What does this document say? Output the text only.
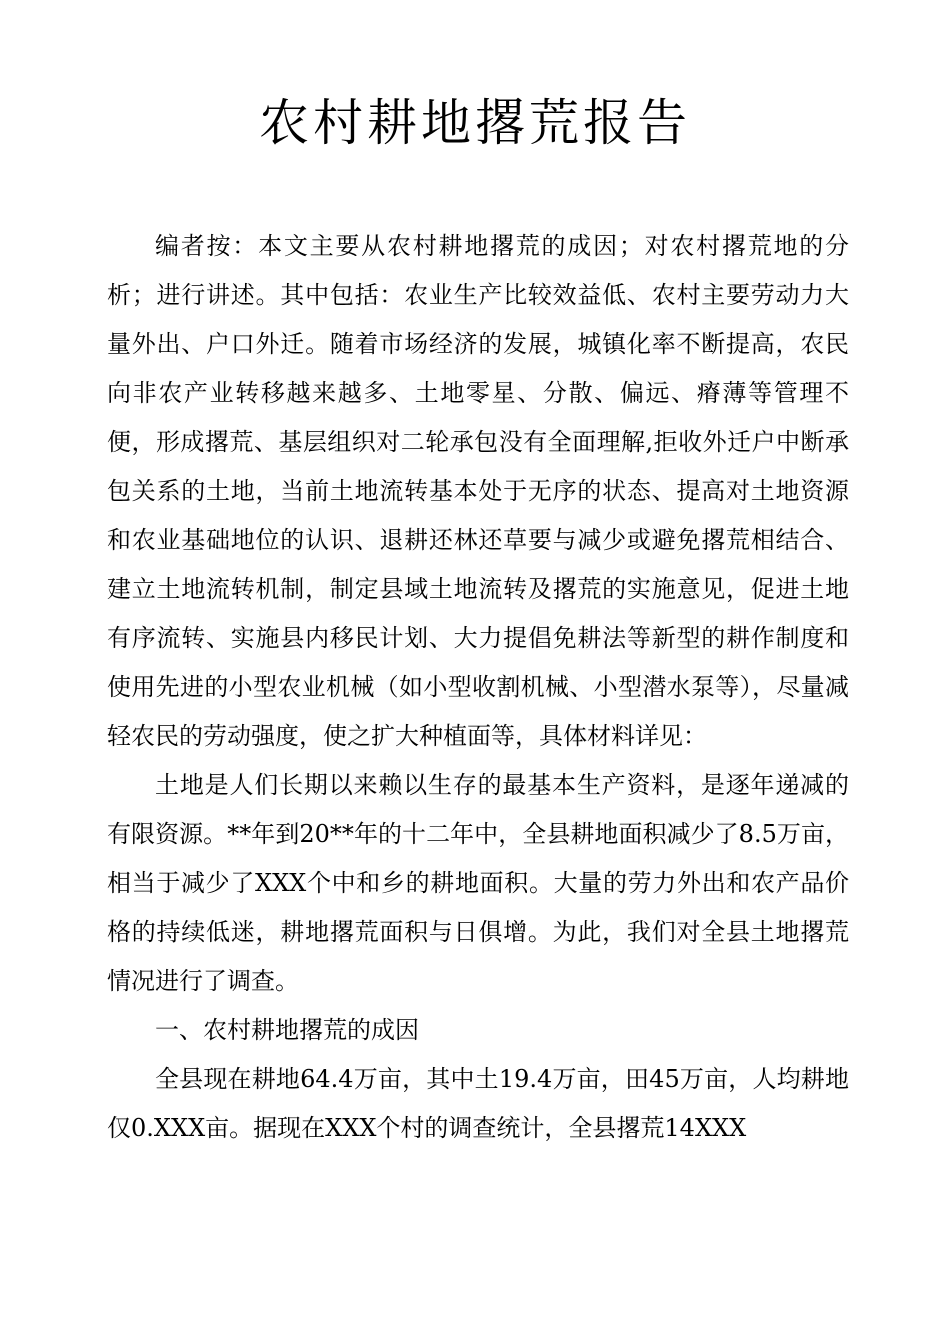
农村耕地撂荒报告

编者按：本文主要从农村耕地撂荒的成因；对农村撂荒地的分析；进行讲述。其中包括：农业生产比较效益低、农村主要劳动力大量外出、户口外迁。随着市场经济的发展，城镇化率不断提高，农民向非农产业转移越来越多、土地零星、分散、偏远、瘠薄等管理不便，形成撂荒、基层组织对二轮承包没有全面理解,拒收外迁户中断承包关系的土地，当前土地流转基本处于无序的状态、提高对土地资源和农业基础地位的认识、退耕还林还草要与减少或避免撂荒相结合、建立土地流转机制，制定县域土地流转及撂荒的实施意见，促进土地有序流转、实施县内移民计划、大力提倡免耕法等新型的耕作制度和使用先进的小型农业机械（如小型收割机械、小型潜水泵等），尽量减轻农民的劳动强度，使之扩大种植面等，具体材料详见：

土地是人们长期以来赖以生存的最基本生产资料，是逐年递减的有限资源。**年到20**年的十二年中，全县耕地面积减少了8.5万亩，相当于减少了XXX个中和乡的耕地面积。大量的劳力外出和农产品价格的持续低迷，耕地撂荒面积与日俱增。为此，我们对全县土地撂荒情况进行了调查。

一、农村耕地撂荒的成因

全县现在耕地64.4万亩，其中土19.4万亩，田45万亩，人均耕地仅0.XXX亩。据现在XXX个村的调查统计，全县撂荒14XXX
